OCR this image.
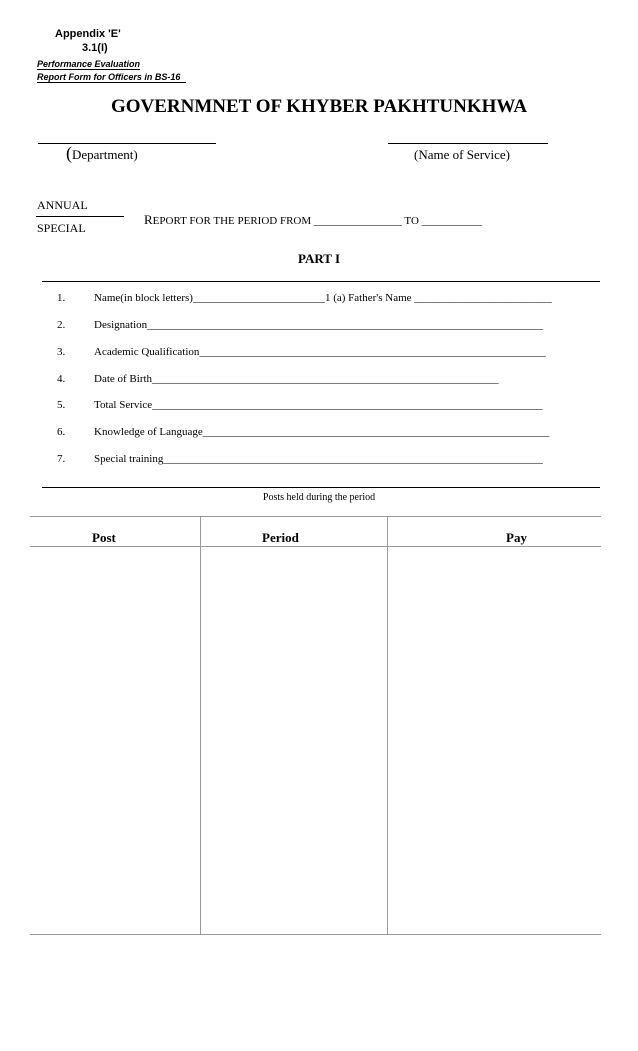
Appendix 'E'
3.1(I)
Performance Evaluation
Report Form for Officers in BS-16
GOVERNMNET OF KHYBER PAKHTUNKHWA
(Department)	(Name of Service)
ANNUAL
SPECIAL
REPORT FOR THE PERIOD FROM ________________ TO ___________
PART I
1.	Name(in block letters)________________________1 (a) Father's Name _________________________
2.	Designation________________________________________________________________________
3.	Academic Qualification_______________________________________________________________
4.	Date of Birth_______________________________________________________________
5.	Total Service_______________________________________________________________________
6.	Knowledge of Language_______________________________________________________________
7.	Special training_____________________________________________________________________
Posts held during the period
Post	Period	Pay
